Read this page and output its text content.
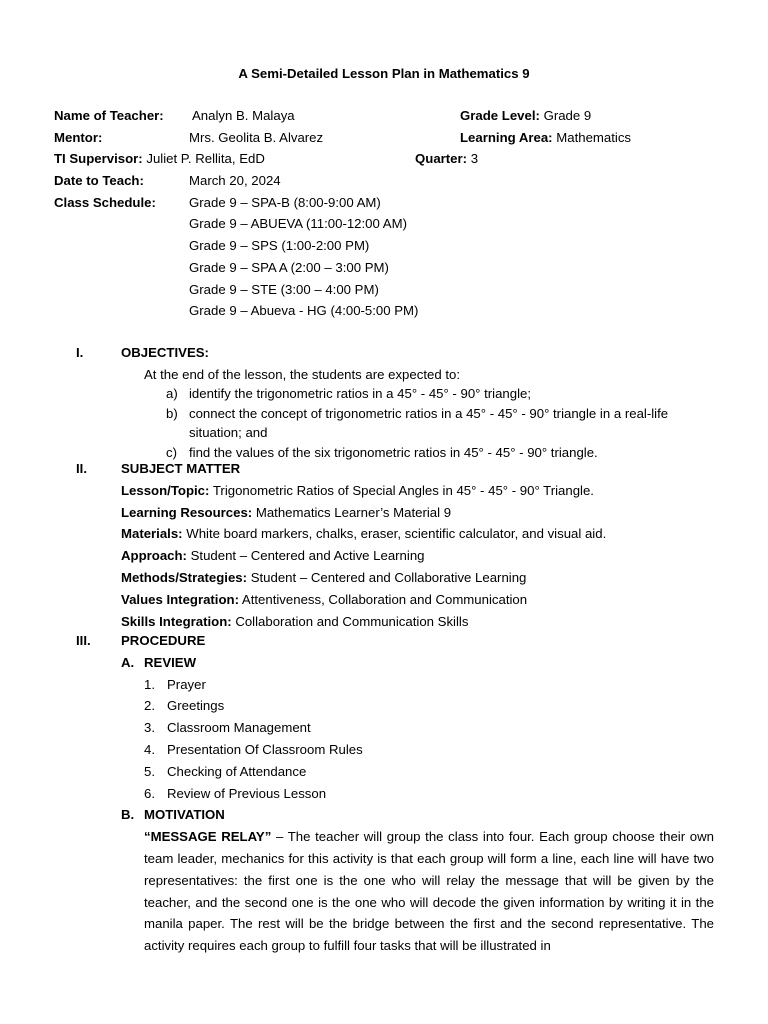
A Semi-Detailed Lesson Plan in Mathematics 9
Name of Teacher: Analyn B. Malaya	Grade Level: Grade 9
Mentor:	Mrs. Geolita B. Alvarez	Learning Area: Mathematics
TI Supervisor: Juliet P. Rellita, EdD	Quarter: 3
Date to Teach:	March 20, 2024
Class Schedule:	Grade 9 – SPA-B (8:00-9:00 AM)
Grade 9 – ABUEVA (11:00-12:00 AM)
Grade 9 – SPS (1:00-2:00 PM)
Grade 9 – SPA A (2:00 – 3:00 PM)
Grade 9 – STE (3:00 – 4:00 PM)
Grade 9 – Abueva - HG (4:00-5:00 PM)
I.	OBJECTIVES:
At the end of the lesson, the students are expected to:
a) identify the trigonometric ratios in a 45° - 45° - 90° triangle;
b) connect the concept of trigonometric ratios in a 45° - 45° - 90° triangle in a real-life
situation; and
c) find the values of the six trigonometric ratios in 45° - 45° - 90° triangle.
II.	SUBJECT MATTER
Lesson/Topic: Trigonometric Ratios of Special Angles in 45° - 45° - 90° Triangle.
Learning Resources: Mathematics Learner’s Material 9
Materials: White board markers, chalks, eraser, scientific calculator, and visual aid.
Approach: Student – Centered and Active Learning
Methods/Strategies: Student – Centered and Collaborative Learning
Values Integration: Attentiveness, Collaboration and Communication
Skills Integration: Collaboration and Communication Skills
III. PROCEDURE
A. REVIEW
1. Prayer
2. Greetings
3. Classroom Management
4. Presentation Of Classroom Rules
5. Checking of Attendance
6. Review of Previous Lesson
B. MOTIVATION
“MESSAGE RELAY” – The teacher will group the class into four. Each group choose their own team leader, mechanics for this activity is that each group will form a line, each line will have two representatives: the first one is the one who will relay the message that will be given by the teacher, and the second one is the one who will decode the given information by writing it in the manila paper. The rest will be the bridge between the first and the second representative. The activity requires each group to fulfill four tasks that will be illustrated in
